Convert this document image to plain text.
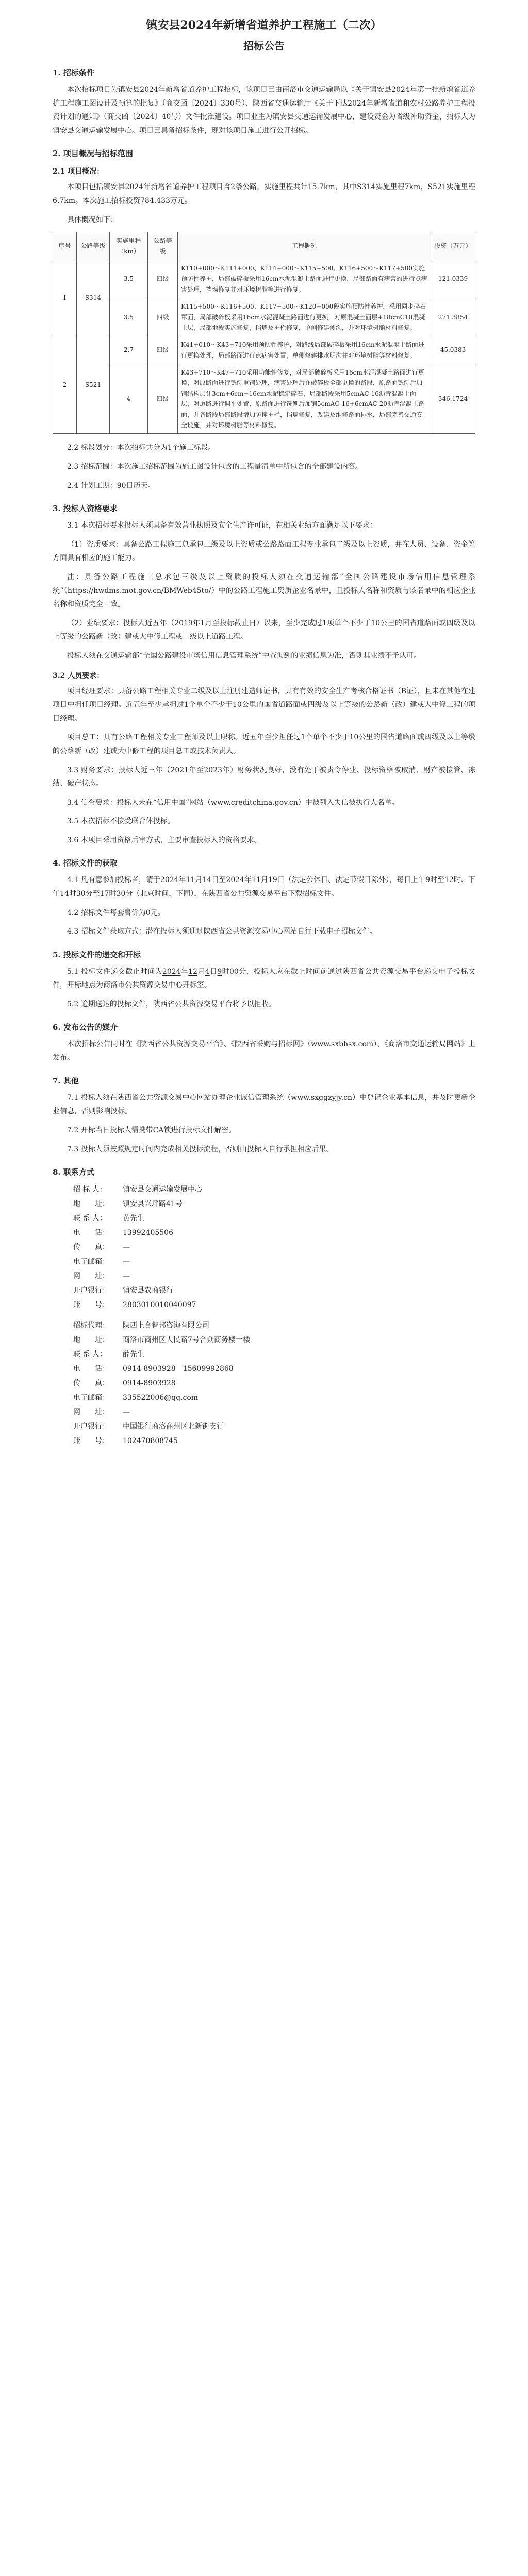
镇安县2024年新增省道养护工程施工（二次）
招标公告
1. 招标条件

本次招标项目为镇安县2024年新增省道养护工程招标，该项目已由商洛市交通运输局以《关于镇安县2024年第一批新增省道养护工程施工图设计及预算的批复》（商交函〔2024〕330号）、陕西省交通运输厅《关于下达2024年新增省道和农村公路养护工程投资计划的通知》（商交函〔2024〕40号）文件批准建设。项目业主为镇安县交通运输发展中心，建设资金为省级补助资金，招标人为镇安县交通运输发展中心。项目已具备招标条件，现对该项目施工进行公开招标。

2. 项目概况与招标范围
2.1 项目概况：

本项目包括镇安县2024年新增省道养护工程项目含2条公路，实施里程共计15.7km，其中S314实施里程7km，S521实施里程6.7km。本次施工招标投资784.433万元。

具体概况如下：

序号	公路等级	实施里程（km）	公路等级	工程概况	投资（万元）
1	S314	3.5	四级	K110+000～K111+000、K114+000～K115+500、K116+500～K117+500实施预防性养护，局部破碎板采用16cm水泥混凝土路面进行更换，局部路面有病害的进行点病害处理，挡墙修复并对环境树脂等进行修复。	121.0339
		3.5	四级	K115+500～K116+500、K117+500～K120+000段实施预防性养护，采用同步碎石罩面，局部破碎板采用16cm水泥混凝土路面进行更换，对原混凝土面层+18cmC10混凝土层，局部地段实施修复，挡墙及护栏修复，单侧修建侧沟，并对环境树脂材料修复。	271.3854
2	S521	2.7	四级	K41+010～K43+710采用预防性养护，对路线局部破碎板采用16cm水泥混凝土路面进行更换处理，局部路面进行点病害处置，单侧修建排水明沟并对环境树脂等材料修复。	45.0383
		4	四级	K43+710～K47+710采用功能性修复，对局部破碎板采用16cm水泥混凝土路面进行更换，对原路面进行铣刨重铺处理，病害处理后在破碎板全部更换的路段，原路面铣刨后加铺结构层计3cm+6cm+16cm水泥稳定碎石，局部路段采用5cmAC-16沥青混凝土面层，对道路进行调平处置，原路面进行铣刨后加铺5cmAC-16+6cmAC-20沥青混凝土路面，并各路段局部路段增加防撞护栏，挡墙修复，改建及维修路面排水，局部完善交通安全设施，并对环境树脂等材料修复。	346.1724

2.2 标段划分：本次招标共分为1个施工标段。

2.3 招标范围：本次施工招标范围为施工图设计包含的工程量清单中所包含的全部建设内容。

2.4 计划工期：90日历天。

3. 投标人资格要求

3.1 本次招标要求投标人须具备有效营业执照及安全生产许可证，在相关业绩方面满足以下要求：

（1）资质要求：具备公路工程施工总承包三级及以上资质或公路路面工程专业承包二级及以上资质，并在人员、设备、资金等方面具有相应的施工能力。

注：具备公路工程施工总承包三级及以上资质的投标人须在交通运输部“全国公路建设市场信用信息管理系统”（https://hwdms.mot.gov.cn/BMWeb45to/）中的公路工程施工资质企业名录中，且投标人名称和资质与该名录中的相应企业名称和资质完全一致。

（2）业绩要求：投标人近五年（2019年1月至投标截止日）以来，至少完成过1项单个不少于10公里的国省道路面或四级及以上等级的公路新（改）建或大中修工程或二级以上道路工程。

投标人须在交通运输部“全国公路建设市场信用信息管理系统”中查询到的业绩信息为准，否则其业绩不予认可。

3.2 人员要求：

项目经理要求：具备公路工程相关专业二级及以上注册建造师证书，具有有效的安全生产考核合格证书（B证），且未在其他在建项目中担任项目经理。近五年至少承担过1个单个不少于10公里的国省道路面或四级及以上等级的公路新（改）建或大中修工程的项目经理。

项目总工：具有公路工程相关专业工程师及以上职称。近五年至少担任过1个单个不少于10公里的国省道路面或四级及以上等级的公路新（改）建或大中修工程的项目总工或技术负责人。

3.3 财务要求：投标人近三年（2021年至2023年）财务状况良好，没有处于被责令停业、投标资格被取消、财产被接管、冻结、破产状态。

3.4 信誉要求：投标人未在“信用中国”网站（www.creditchina.gov.cn）中被列入失信被执行人名单。

3.5 本次招标不接受联合体投标。

3.6 本项目采用资格后审方式，主要审查投标人的资格要求。

4. 招标文件的获取

4.1 凡有意参加投标者，请于2024年11月14日至2024年11月19日（法定公休日、法定节假日除外），每日上午9时至12时、下午14时30分至17时30分（北京时间，下同），在陕西省公共资源交易平台下载招标文件。

4.2 招标文件每套售价为0元。

4.3 招标文件获取方式：潜在投标人须通过陕西省公共资源交易中心网站自行下载电子招标文件。

5. 投标文件的递交和开标

5.1 投标文件递交截止时间为2024年12月4日9时00分，投标人应在截止时间前通过陕西省公共资源交易平台递交电子投标文件，开标地点为商洛市公共资源交易中心开标室。

5.2 逾期送达的投标文件，陕西省公共资源交易平台将予以拒收。

6. 发布公告的媒介

本次招标公告同时在《陕西省公共资源交易平台》、《陕西省采购与招标网》（www.sxbhsx.com）、《商洛市交通运输局网站》上发布。

7. 其他

7.1 投标人须在陕西省公共资源交易中心网站办理企业诚信管理系统（www.sxggzyjy.cn）中登记企业基本信息，并及时更新企业信息，否则影响投标。

7.2 开标当日投标人需携带CA锁进行投标文件解密。

7.3 投标人须按照规定时间内完成相关投标流程，否则由投标人自行承担相应后果。

8. 联系方式
招 标 人：	镇安县交通运输发展中心
地　　址：	镇安县兴坪路41号
联 系 人：	黄先生
电　　话：	13992405506
传　　真：	—
电子邮箱：	—
网　　址：	—
开户银行：	镇安县农商银行
账　　号：	2803010010040097
招标代理：	陕西上合智邦咨询有限公司
地　　址：	商洛市商州区人民路7号合众商务楼一楼
联 系 人：	薛先生
电　　话：	0914-8903928　15609992868
传　　真：	0914-8903928
电子邮箱：	335522006@qq.com
网　　址：	—
开户银行：	中国银行商洛商州区北新街支行
账　　号：	102470808745
